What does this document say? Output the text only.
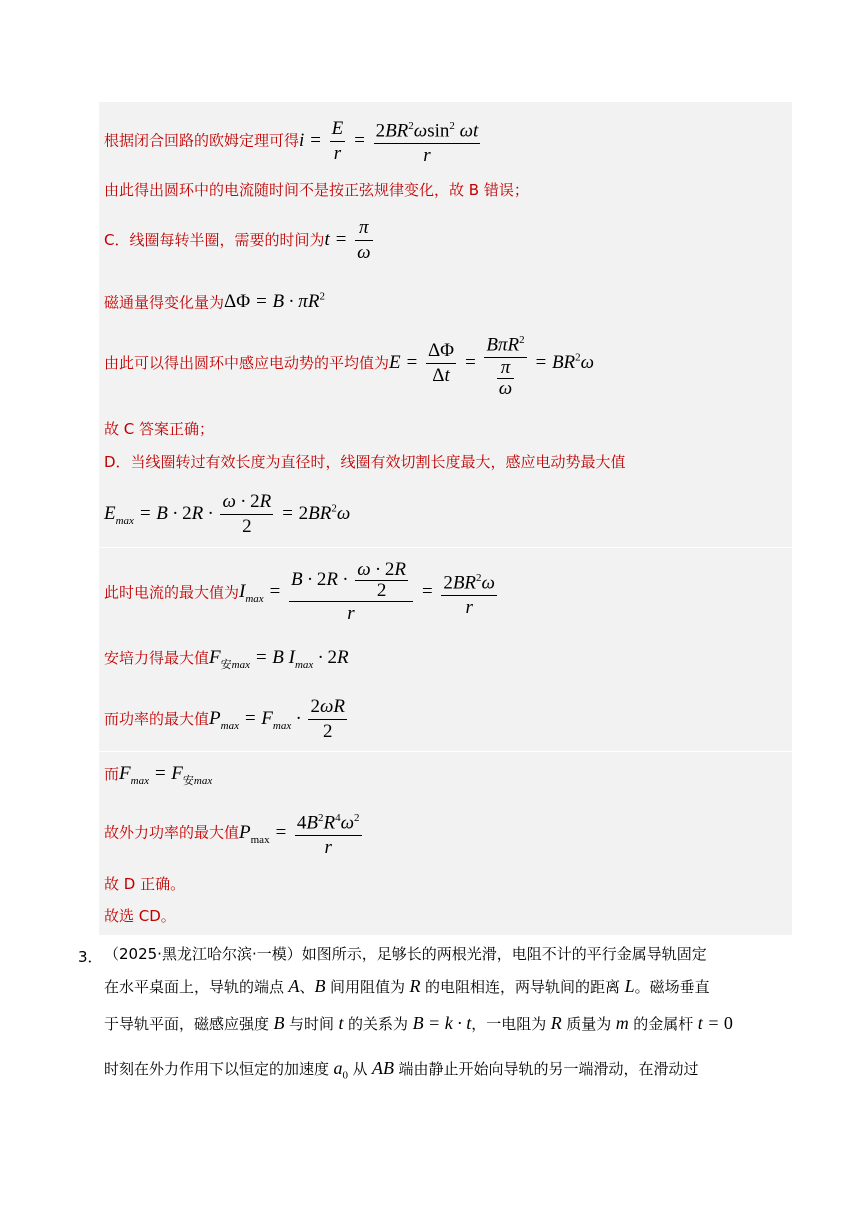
根据闭合回路的欧姆定理可得$i = \frac{E}{r} = \frac{2BR^2\omega\sin^2 \omega t}{r}$
由此得出圆环中的电流随时间不是按正弦规律变化，故 B 错误；
C．线圈每转半圈，需要的时间为$t = \frac{\pi}{\omega}$
磁通量得变化量为$\Delta\Phi = B \cdot \pi R^2$
由此可以得出圆环中感应电动势的平均值为$E = \frac{\Delta\Phi}{\Delta t} = \frac{B\pi R^2}{\frac{\pi}{\omega}} = BR^2\omega$
故 C 答案正确；
D．当线圈转过有效长度为直径时，线圈有效切割长度最大，感应电动势最大值
$E_{max} = B \cdot 2R \cdot \frac{\omega \cdot 2R}{2} = 2BR^2\omega$
此时电流的最大值为$I_{max} = \frac{B \cdot 2R \cdot \frac{\omega \cdot 2R}{2}}{r} = \frac{2BR^2\omega}{r}$
安培力得最大值$F_{安max} = B$ $I_{max} \cdot 2R$
而功率的最大值$P_{max} = F_{max} \cdot \frac{2\omega R}{2}$
而$F_{max} = F_{安max}$
故外力功率的最大值$P_{max} = \frac{4B^2R^4\omega^2}{r}$
故 D 正确。
故选 CD。
3． （2025·黑龙江哈尔滨·一模）如图所示，足够长的两根光滑，电阻不计的平行金属导轨固定
在水平桌面上，导轨的端点 A、B 间用阻值为 R 的电阻相连，两导轨间的距离 L。磁场垂直
于导轨平面，磁感应强度 B 与时间 t 的关系为 B = k · t，一电阻为 R 质量为 m 的金属杆 t = 0
时刻在外力作用下以恒定的加速度 $a_0$ 从 AB 端由静止开始向导轨的另一端滑动，在滑动过
